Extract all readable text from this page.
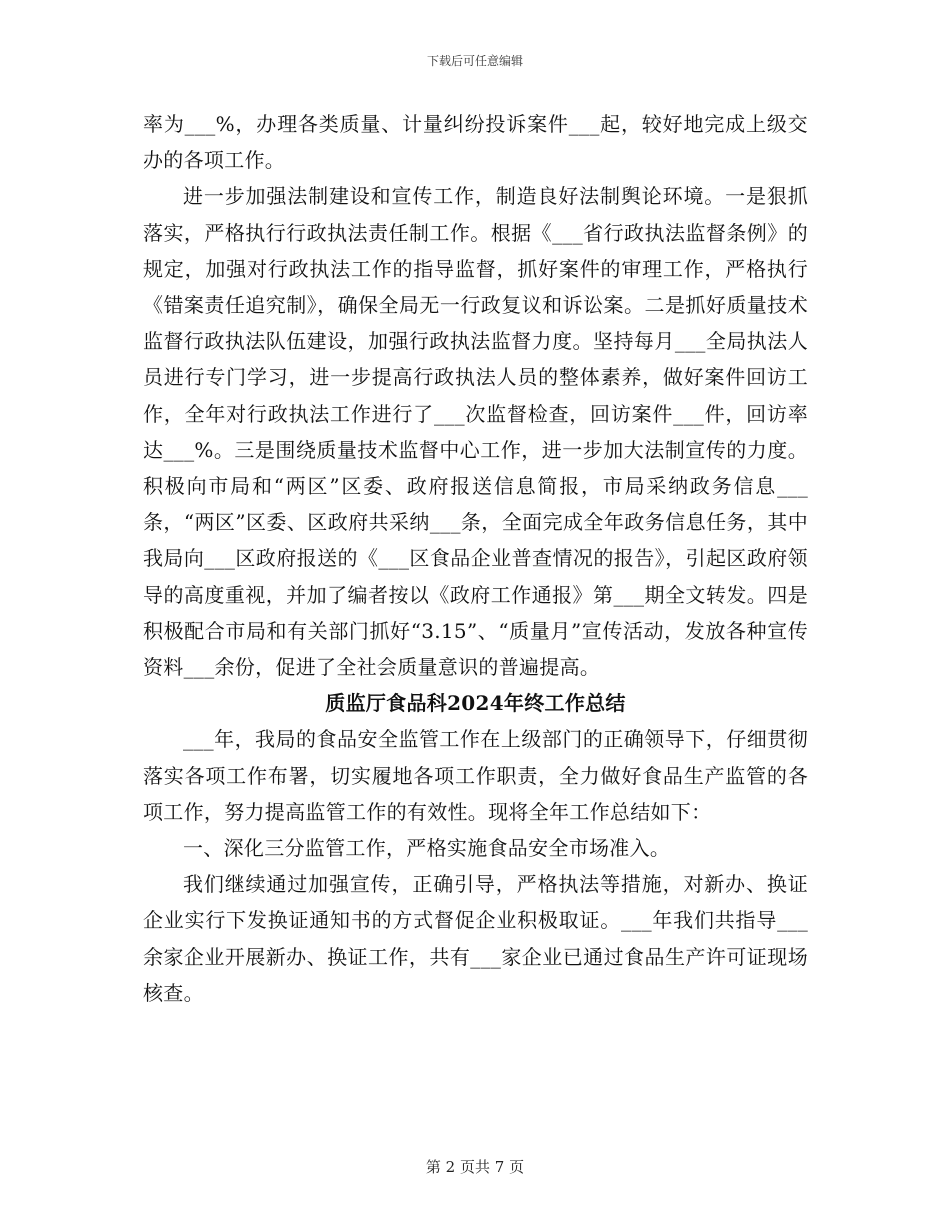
下载后可任意编辑

率为___%，办理各类质量、计量纠纷投诉案件___起，较好地完成上级交办的各项工作。

进一步加强法制建设和宣传工作，制造良好法制舆论环境。一是狠抓落实，严格执行行政执法责任制工作。根据《___省行政执法监督条例》的规定，加强对行政执法工作的指导监督，抓好案件的审理工作，严格执行《错案责任追究制》，确保全局无一行政复议和诉讼案。二是抓好质量技术监督行政执法队伍建设，加强行政执法监督力度。坚持每月___全局执法人员进行专门学习，进一步提高行政执法人员的整体素养，做好案件回访工作，全年对行政执法工作进行了___次监督检查，回访案件___件，回访率达___%。三是围绕质量技术监督中心工作，进一步加大法制宣传的力度。积极向市局和“两区”区委、政府报送信息简报，市局采纳政务信息___条，“两区”区委、区政府共采纳___条，全面完成全年政务信息任务，其中我局向___区政府报送的《___区食品企业普查情况的报告》，引起区政府领导的高度重视，并加了编者按以《政府工作通报》第___期全文转发。四是积极配合市局和有关部门抓好“3.15”、“质量月”宣传活动，发放各种宣传资料___余份，促进了全社会质量意识的普遍提高。

质监厅食品科2024年终工作总结

___年，我局的食品安全监管工作在上级部门的正确领导下，仔细贯彻落实各项工作布署，切实履地各项工作职责，全力做好食品生产监管的各项工作，努力提高监管工作的有效性。现将全年工作总结如下：

一、深化三分监管工作，严格实施食品安全市场准入。

我们继续通过加强宣传，正确引导，严格执法等措施，对新办、换证企业实行下发换证通知书的方式督促企业积极取证。___年我们共指导___余家企业开展新办、换证工作，共有___家企业已通过食品生产许可证现场核查。

第 2 页共 7 页
